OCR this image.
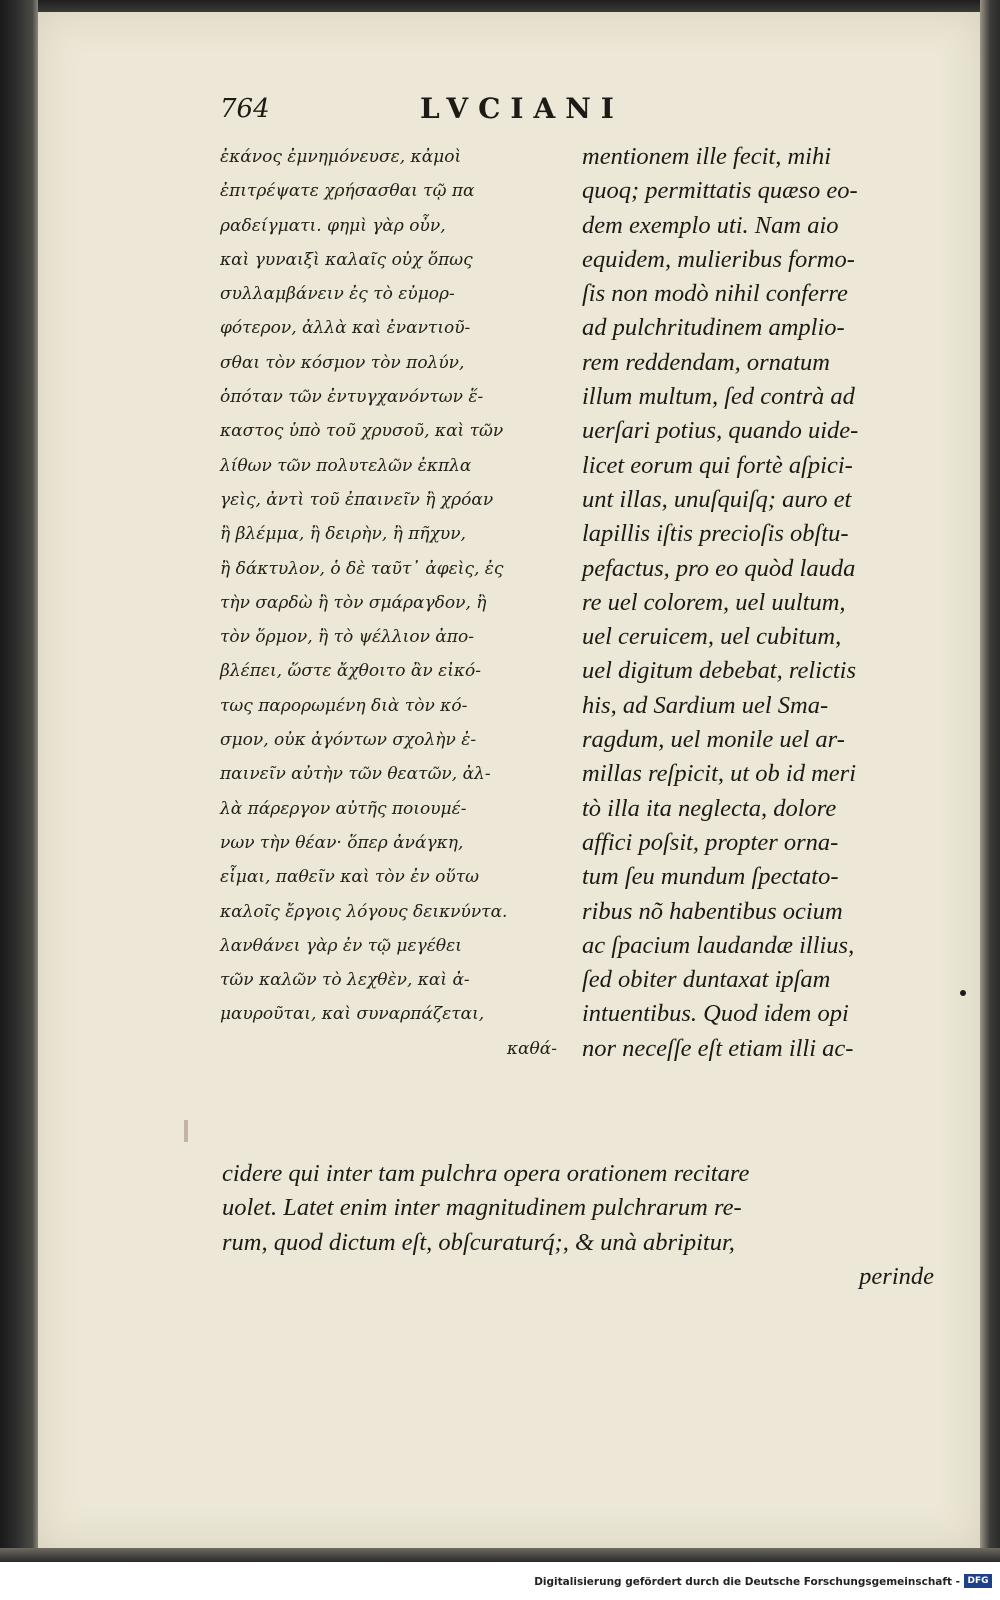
764	LVCIANI
ἐκάνος ἐμνημόνευσε, κἀμοὶ
ἐπιτρέψατε χρήσασθαι τῷ πα
ραδείγματι. φημὶ γὰρ οὖν,
καὶ γυναιξὶ καλαῖς οὐχ ὅπως
συλλαμβάνειν ἐς τὸ εὐμορ-
φότερον, ἀλλὰ καὶ ἐναντιοῦ-
σθαι τὸν κόσμον τὸν πολύν,
ὁπόταν τῶν ἐντυγχανόντων ἕ-
καστος ὑπὸ τοῦ χρυσοῦ, καὶ τῶν
λίθων τῶν πολυτελῶν ἐκπλα
γεὶς, ἀντὶ τοῦ ἐπαινεῖν ἢ χρόαν
ἢ βλέμμα, ἢ δειρὴν, ἢ πῆχυν,
ἢ δάκτυλον, ὁ δὲ ταῦτ᾽ ἀφεὶς, ἐς
τὴν σαρδὼ ἢ τὸν σμάραγδον, ἢ
τὸν ὅρμον, ἢ τὸ ψέλλιον ἀπο-
βλέπει, ὥστε ἄχθοιτο ἂν εἰκό-
τως παρορωμένη διὰ τὸν κό-
σμον, οὐκ ἀγόντων σχολὴν ἐ-
παινεῖν αὐτὴν τῶν θεατῶν, ἀλ-
λὰ πάρεργον αὐτῆς ποιουμέ-
νων τὴν θέαν· ὅπερ ἀνάγκη,
εἶμαι, παθεῖν καὶ τὸν ἐν οὕτω
καλοῖς ἔργοις λόγους δεικνύντα.
λανθάνει γὰρ ἐν τῷ μεγέθει
τῶν καλῶν τὸ λεχθὲν, καὶ ἀ-
μαυροῦται, καὶ συναρπάζεται,
καθά-
mentionem ille fecit, mihi
quoq; permittatis quæso eo-
dem exemplo uti. Nam aio
equidem, mulieribus formo-
ſis non modò nihil conferre
ad pulchritudinem amplio-
rem reddendam, ornatum
illum multum, ſed contrà ad
uerſari potius, quando uide-
licet eorum qui fortè aſpici-
unt illas, unuſquiſq; auro et
lapillis iſtis precioſis obſtu-
pefactus, pro eo quòd lauda
re uel colorem, uel uultum,
uel ceruicem, uel cubitum,
uel digitum debebat, relictis
his, ad Sardium uel Sma-
ragdum, uel monile uel ar-
millas reſpicit, ut ob id meri
tò illa ita neglecta, dolore
affici poſsit, propter orna-
tum ſeu mundum ſpectato-
ribus nõ habentibus ocium
ac ſpacium laudandæ illius,
ſed obiter duntaxat ipſam
intuentibus. Quod idem opi
nor neceſſe eſt etiam illi ac-
cidere qui inter tam pulchra opera orationem recitare
uolet. Latet enim inter magnitudinem pulchrarum re-
rum, quod dictum eſt, obſcuraturq́;, & unà abripitur,
perinde
Digitalisierung gefördert durch die Deutsche Forschungsgemeinschaft - DFG
